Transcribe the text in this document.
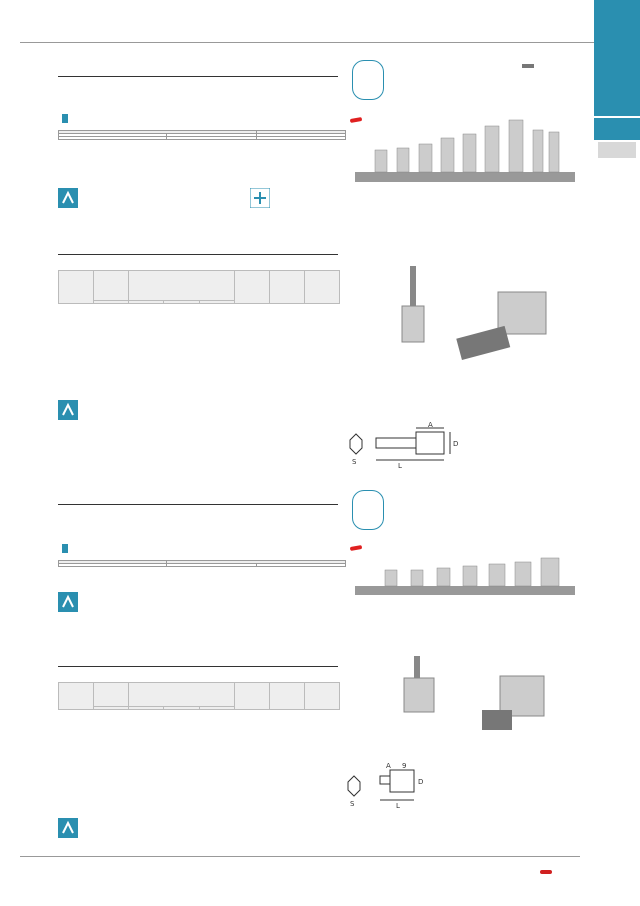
S	L
A
D

S
A 9
L
D
